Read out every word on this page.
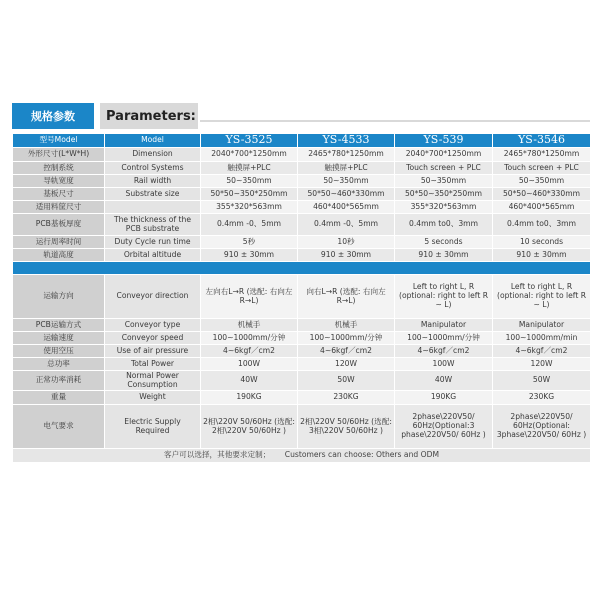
规格参数	Parameters:
型号Model	Model	YS-3525	YS-4533	YS-539	YS-3546
外形尺寸(L*W*H)	Dimension	2040*700*1250mm	2465*780*1250mm	2040*700*1250mm	2465*780*1250mm
控制系统	Control Systems	触摸屏+PLC	触摸屏+PLC	Touch screen + PLC	Touch screen + PLC
导轨宽度	Rail width	50~350mm	50~350mm	50~350mm	50~350mm
基板尺寸	Substrate size	50*50~350*250mm	50*50~460*330mm	50*50~350*250mm	50*50~460*330mm
适用料筐尺寸		355*320*563mm	460*400*565mm	355*320*563mm	460*400*565mm
PCB基板厚度	The thickness of the PCB substrate	0.4mm -0、5mm	0.4mm -0、5mm	0.4mm to0、3mm	0.4mm to0、3mm
运行周率时间	Duty Cycle run time	5秒	10秒	5 seconds	10 seconds
轨道高度	Orbital altitude	910 ± 30mm	910 ± 30mm	910 ± 30mm	910 ± 30mm

运输方向	Conveyor direction	左向右L→R (选配: 右向左R→L)	向右L→R (选配: 右向左R→L)	Left to right L, R (optional: right to left R ~ L)	Left to right L, R (optional: right to left R ~ L)
PCB运输方式	Conveyor type	机械手	机械手	Manipulator	Manipulator
运输速度	Conveyor speed	100~1000mm/分钟	100~1000mm/分钟	100~1000mm/分钟	100~1000mm/min
使用空压	Use of air pressure	4~6kgf／cm2	4~6kgf／cm2	4~6kgf／cm2	4~6kgf／cm2
总功率	Total Power	100W	120W	100W	120W
正常功率消耗	Normal Power Consumption	40W	50W	40W	50W
重量	Weight	190KG	230KG	190KG	230KG
电气要求	Electric Supply Required	2相\220V 50/60Hz (选配: 2相\220V 50/60Hz )	2相\220V 50/60Hz (选配: 3相\220V 50/60Hz )	2phase\220V50/ 60Hz(Optional:3 phase\220V50/ 60Hz )	2phase\220V50/ 60Hz(Optional: 3phase\220V50/ 60Hz )
客户可以选择，其他要求定制； Customers can choose: Others and ODM					
